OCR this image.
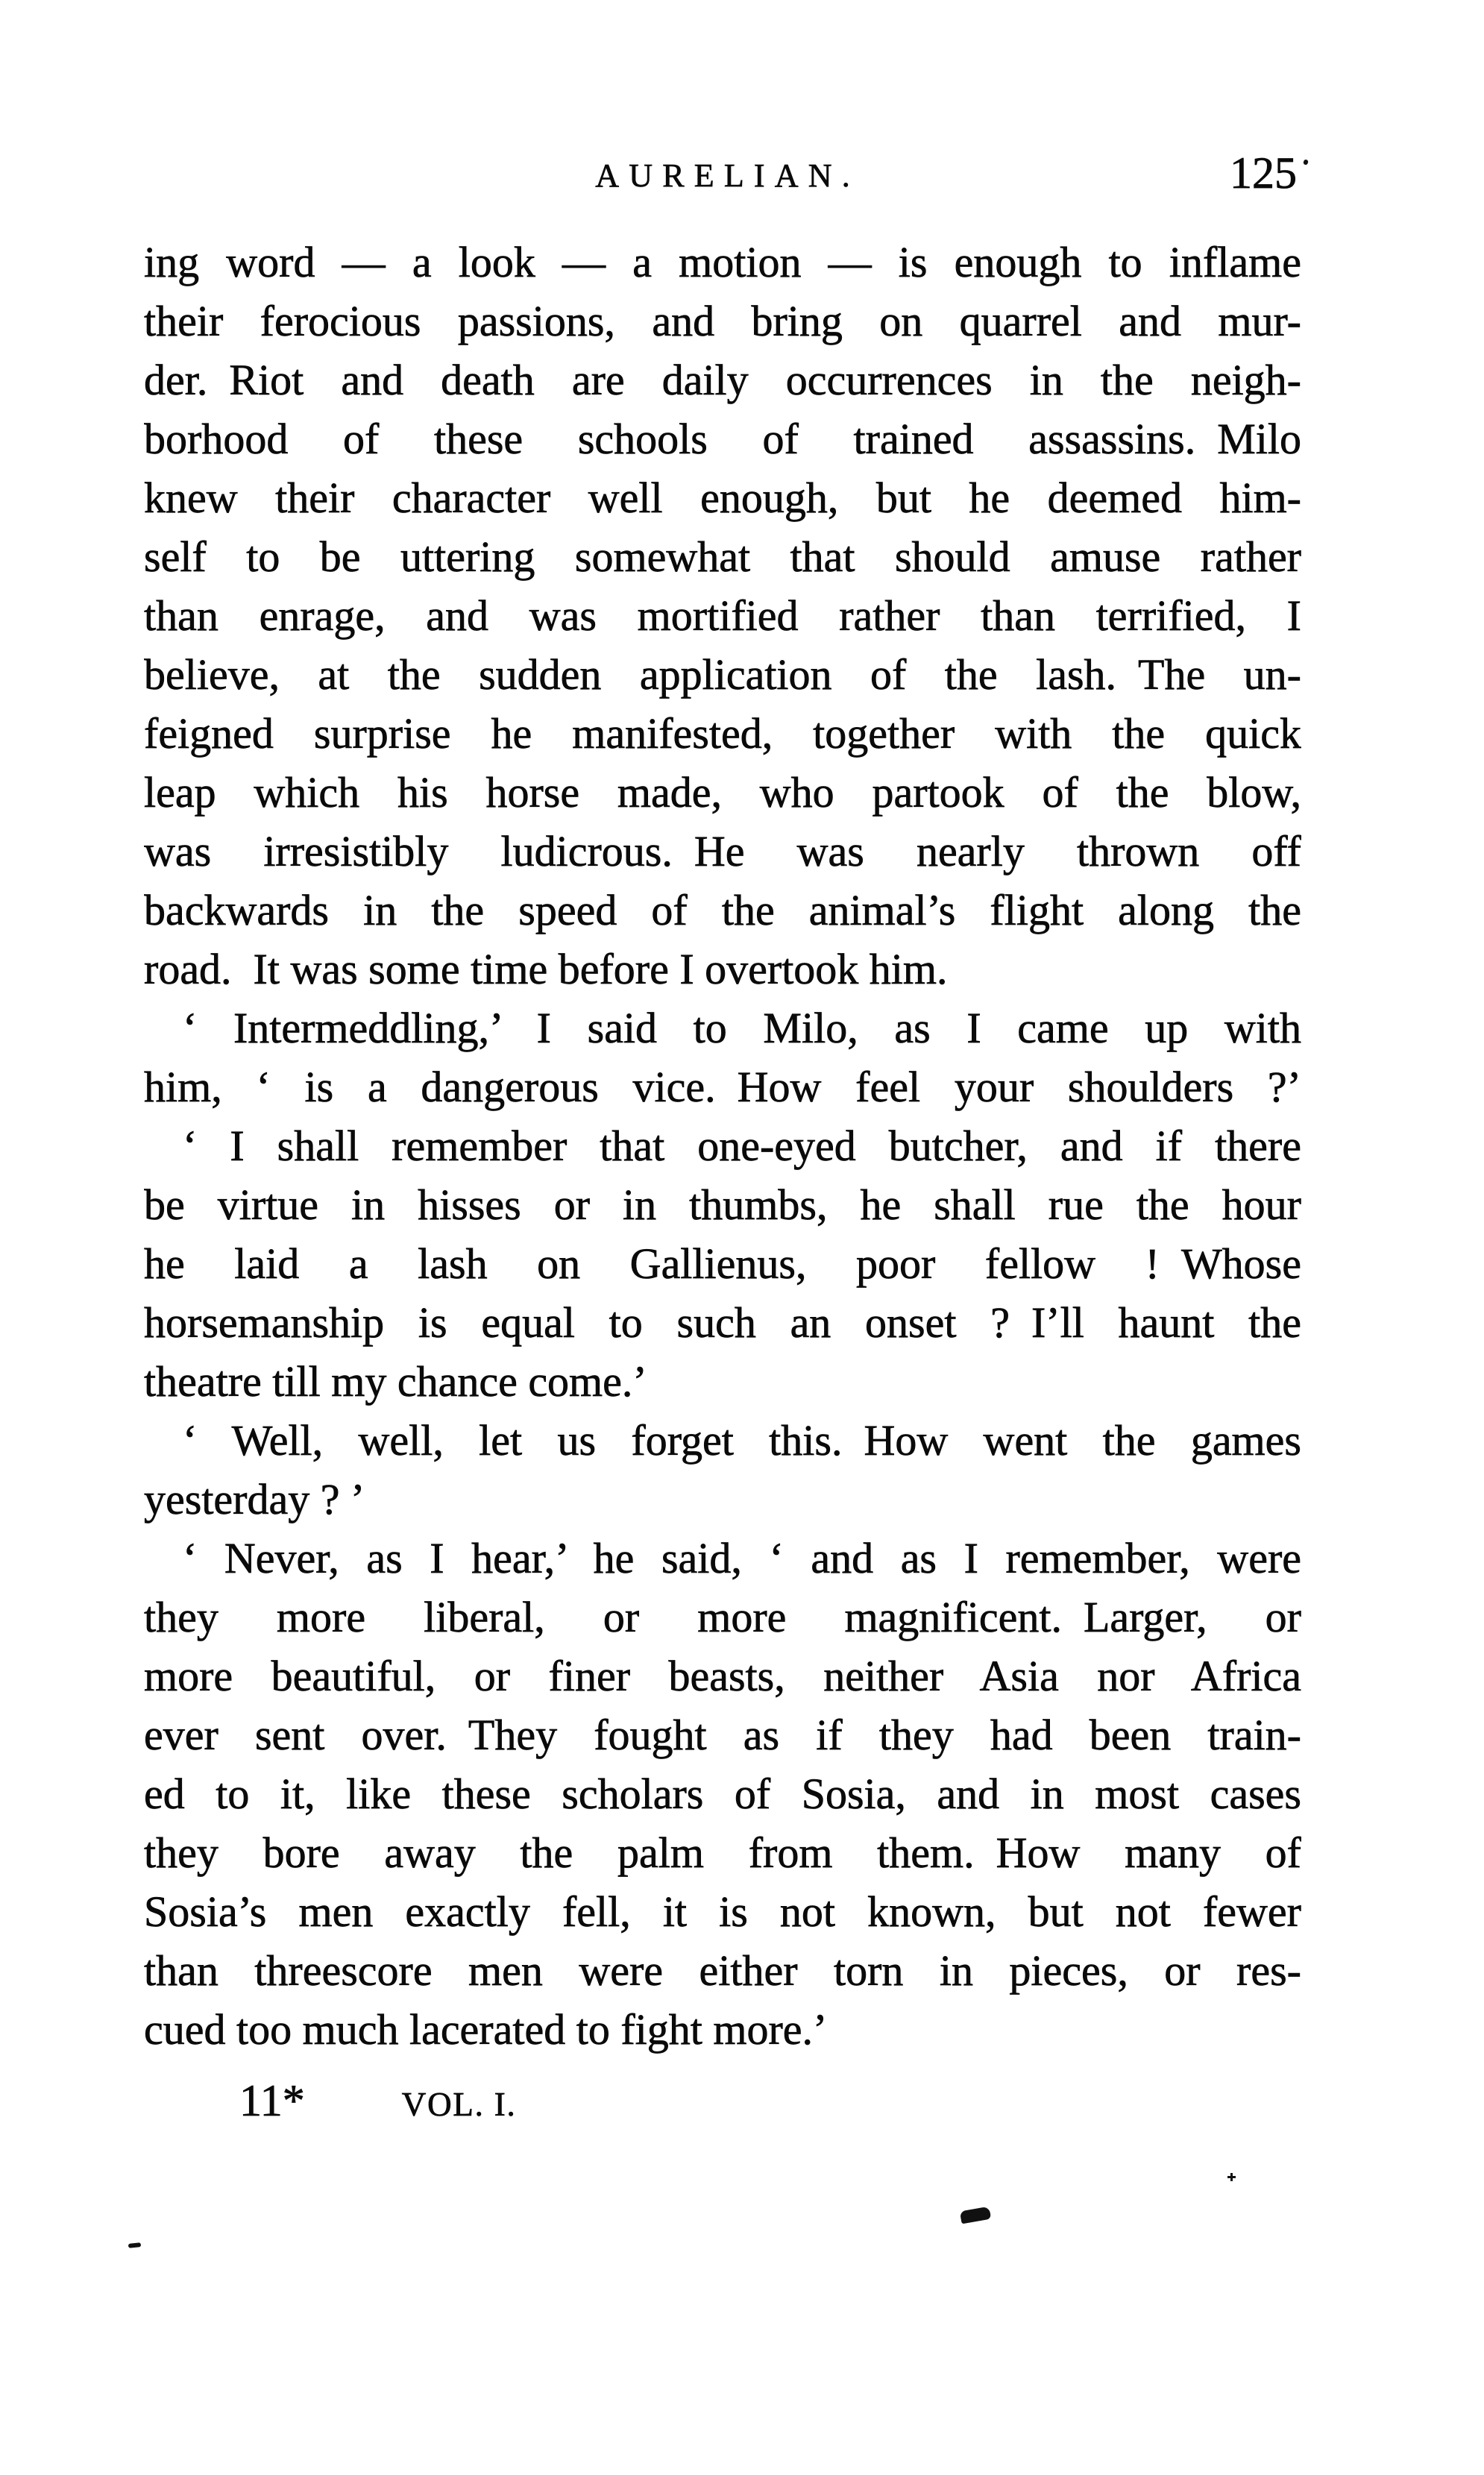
AURELIAN.	125
ing word — a look — a motion — is enough to inflame
their ferocious passions, and bring on quarrel and mur-
der. Riot and death are daily occurrences in the neigh-
borhood of these schools of trained assassins. Milo
knew their character well enough, but he deemed him-
self to be uttering somewhat that should amuse rather
than enrage, and was mortified rather than terrified, I
believe, at the sudden application of the lash. The un-
feigned surprise he manifested, together with the quick
leap which his horse made, who partook of the blow,
was irresistibly ludicrous. He was nearly thrown off
backwards in the speed of the animal’s flight along the
road. It was some time before I overtook him.
‘ Intermeddling,’ I said to Milo, as I came up with
him, ‘ is a dangerous vice. How feel your shoulders ?’
‘ I shall remember that one-eyed butcher, and if there
be virtue in hisses or in thumbs, he shall rue the hour
he laid a lash on Gallienus, poor fellow ! Whose
horsemanship is equal to such an onset ? I’ll haunt the
theatre till my chance come.’
‘ Well, well, let us forget this. How went the games
yesterday ? ’
‘ Never, as I hear,’ he said, ‘ and as I remember, were
they more liberal, or more magnificent. Larger, or
more beautiful, or finer beasts, neither Asia nor Africa
ever sent over. They fought as if they had been train-
ed to it, like these scholars of Sosia, and in most cases
they bore away the palm from them. How many of
Sosia’s men exactly fell, it is not known, but not fewer
than threescore men were either torn in pieces, or res-
cued too much lacerated to fight more.’
11*	VOL. I.
